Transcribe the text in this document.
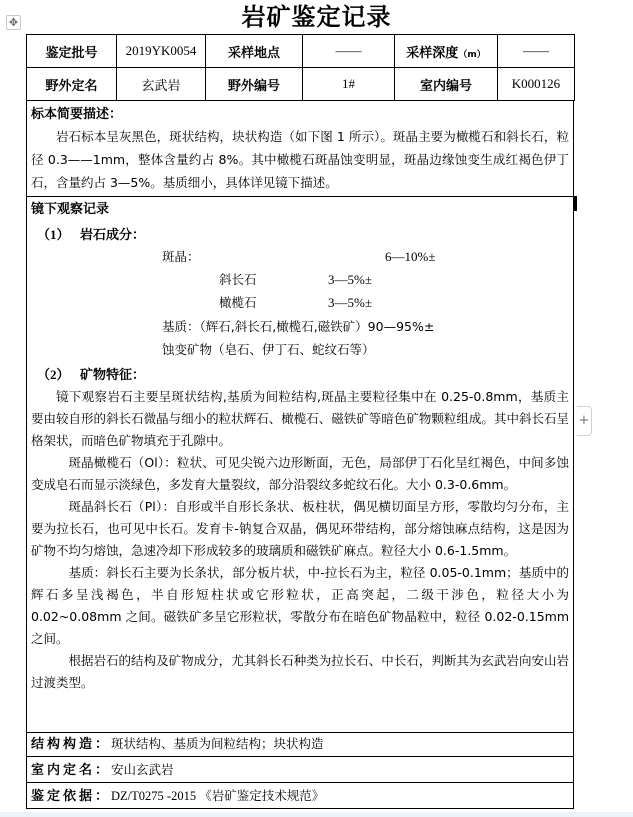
✥	岩矿鉴定记录
鉴定批号	2019YK0054	采样地点	——	采样深度（m）	——
野外定名	玄武岩	野外编号	1#	室内编号	K000126
标本简要描述：
岩石标本呈灰黑色，斑状结构，块状构造（如下图 1 所示）。斑晶主要为橄榄石和斜长石，粒径 0.3——1mm，整体含量约占 8%。其中橄榄石斑晶蚀变明显，斑晶边缘蚀变生成红褐色伊丁石，含量约占 3—5%。基质细小，具体详见镜下描述。
镜下观察记录
（1） 岩石成分：
斑晶：	6—10%±
斜长石	3—5%±
橄榄石	3—5%±
基质：（辉石,斜长石,橄榄石,磁铁矿）90—95%±
蚀变矿物（皂石、伊丁石、蛇纹石等）
（2） 矿物特征：
镜下观察岩石主要呈斑状结构,基质为间粒结构,斑晶主要粒径集中在 0.25-0.8mm，基质主要由较自形的斜长石微晶与细小的粒状辉石、橄榄石、磁铁矿等暗色矿物颗粒组成。其中斜长石呈格架状，而暗色矿物填充于孔隙中。
斑晶橄榄石（Ol）：粒状、可见尖锐六边形断面，无色，局部伊丁石化呈红褐色，中间多蚀变成皂石而显示淡绿色，多发育大量裂纹，部分沿裂纹多蛇纹石化。大小 0.3-0.6mm。
斑晶斜长石（Pl）：自形或半自形长条状、板柱状，偶见横切面呈方形，零散均匀分布，主要为拉长石，也可见中长石。发育卡-钠复合双晶，偶见环带结构，部分熔蚀麻点结构，这是因为矿物不均匀熔蚀，急速冷却下形成较多的玻璃质和磁铁矿麻点。粒径大小 0.6-1.5mm。
基质：斜长石主要为长条状，部分板片状，中-拉长石为主，粒径 0.05-0.1mm；基质中的辉石多呈浅褐色，半自形短柱状或它形粒状，正高突起，二级干涉色，粒径大小为 0.02~0.08mm 之间。磁铁矿多呈它形粒状，零散分布在暗色矿物晶粒中，粒径 0.02-0.15mm 之间。
根据岩石的结构及矿物成分，尤其斜长石种类为拉长石、中长石，判断其为玄武岩向安山岩过渡类型。
结构构造：斑状结构、基质为间粒结构；块状构造
室内定名：安山玄武岩
鉴定依据：DZ/T0275 -2015 《岩矿鉴定技术规范》
+
